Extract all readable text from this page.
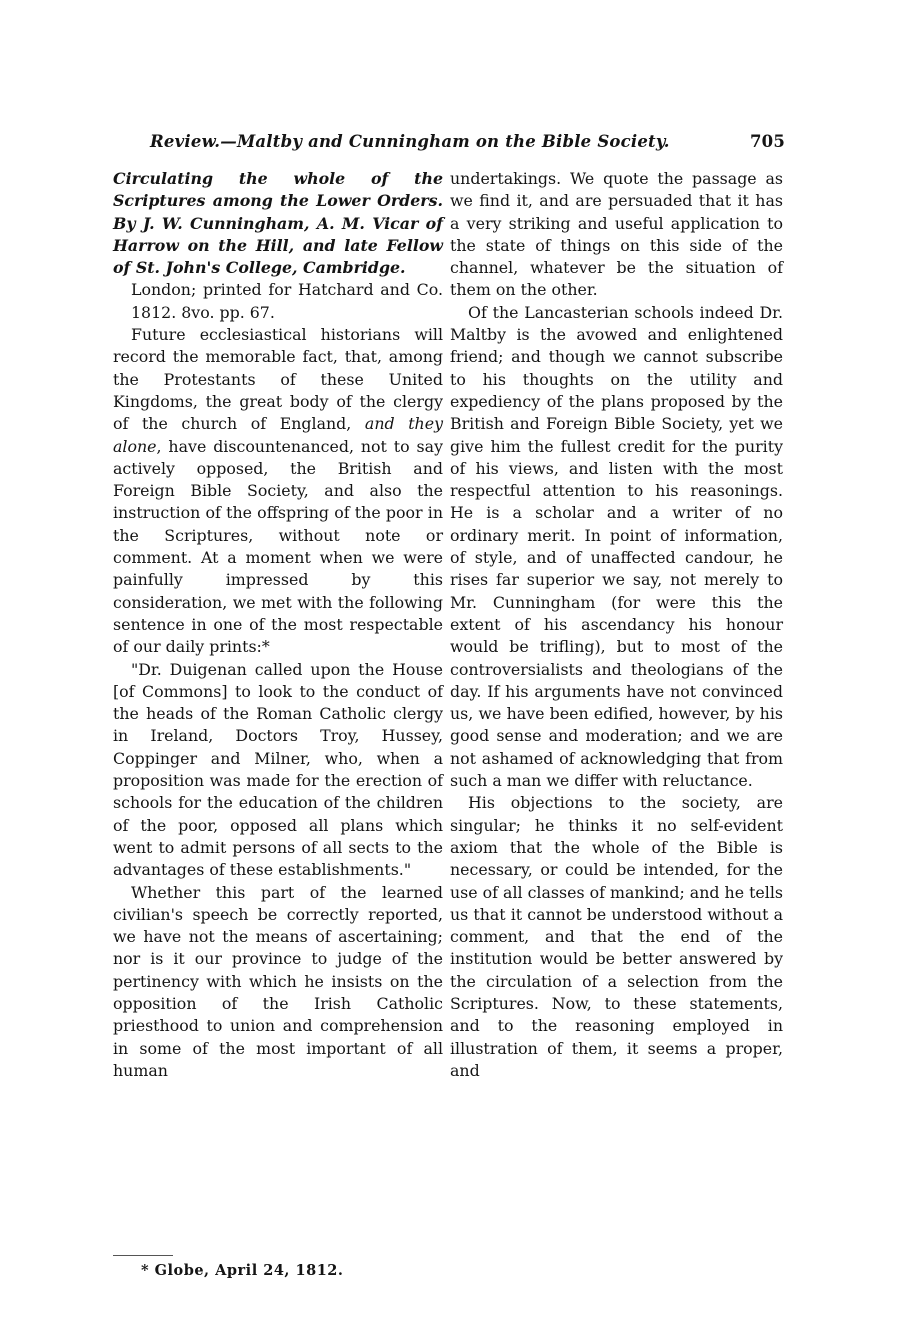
Review.—Maltby and Cunningham on the Bible Society.	705

Circulating the whole of the Scriptures among the Lower Orders. By J. W. Cunningham, A. M. Vicar of Harrow on the Hill, and late Fellow of St. John's College, Cambridge.

London; printed for Hatchard and Co. 1812. 8vo. pp. 67.

Future ecclesiastical historians will record the memorable fact, that, among the Protestants of these United Kingdoms, the great body of the clergy of the church of England, and they alone, have discountenanced, not to say actively opposed, the British and Foreign Bible Society, and also the instruction of the offspring of the poor in the Scriptures, without note or comment. At a moment when we were painfully impressed by this consideration, we met with the following sentence in one of the most respectable of our daily prints:*

"Dr. Duigenan called upon the House [of Commons] to look to the conduct of the heads of the Roman Catholic clergy in Ireland, Doctors Troy, Hussey, Coppinger and Milner, who, when a proposition was made for the erection of schools for the education of the children of the poor, opposed all plans which went to admit persons of all sects to the advantages of these establishments."

Whether this part of the learned civilian's speech be correctly reported, we have not the means of ascertaining; nor is it our province to judge of the pertinency with which he insists on the opposition of the Irish Catholic priesthood to union and comprehension in some of the most important of all human

* Globe, April 24, 1812.

undertakings. We quote the passage as we find it, and are persuaded that it has a very striking and useful application to the state of things on this side of the channel, whatever be the situation of them on the other.

Of the Lancasterian schools indeed Dr. Maltby is the avowed and enlightened friend; and though we cannot subscribe to his thoughts on the utility and expediency of the plans proposed by the British and Foreign Bible Society, yet we give him the fullest credit for the purity of his views, and listen with the most respectful attention to his reasonings. He is a scholar and a writer of no ordinary merit. In point of information, of style, and of unaffected candour, he rises far superior we say, not merely to Mr. Cunningham (for were this the extent of his ascendancy his honour would be trifling), but to most of the controversialists and theologians of the day. If his arguments have not convinced us, we have been edified, however, by his good sense and moderation; and we are not ashamed of acknowledging that from such a man we differ with reluctance.

His objections to the society, are singular; he thinks it no self-evident axiom that the whole of the Bible is necessary, or could be intended, for the use of all classes of mankind; and he tells us that it cannot be understood without a comment, and that the end of the institution would be better answered by the circulation of a selection from the Scriptures. Now, to these statements, and to the reasoning employed in illustration of them, it seems a proper, and
